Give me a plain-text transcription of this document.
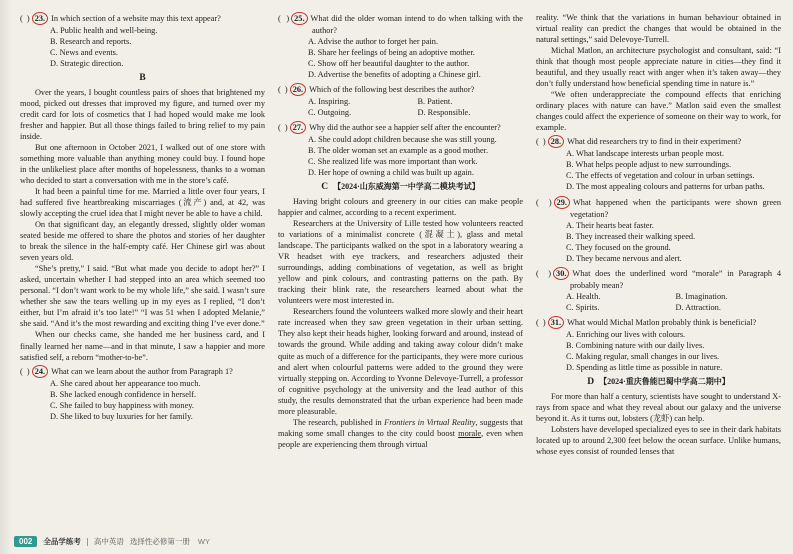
(  ) 23. In which section of a website may this text appear?
A. Public health and well-being.
B. Research and reports.
C. News and events.
D. Strategic direction.
B

Over the years, I bought countless pairs of shoes that brightened my mood, picked out dresses that improved my figure, and turned over my credit card for lots of cosmetics that I had hoped would make me look fresher and happier. But all those things failed to bring relief to my pain inside.

But one afternoon in October 2021, I walked out of one store with something more valuable than anything money could buy. I found hope in the unlikeliest place after months of hopelessness, thanks to a woman who decided to start a conversation with me in the store’s café.

It had been a painful time for me. Married a little over four years, I had suffered five heartbreaking miscarriages (流产) and, at 42, was slowly accepting the cruel idea that I might never be able to have a child.

On that significant day, an elegantly dressed, slightly older woman seated beside me offered to share the photos and stories of her daughter to break the silence in the half-empty café. Her Chinese girl was about seven years old.

“She’s pretty,” I said. “But what made you decide to adopt her?” I asked, uncertain whether I had stepped into an area which seemed too personal. “I don’t want work to be my whole life,” she said. I wasn’t sure whether she saw the tears welling up in my eyes as I replied, “I don’t either, but I’m afraid it’s too late!” “I was 51 when I adopted Melanie,” she said. “And it’s the most rewarding and exciting thing I’ve ever done.”

When our checks came, she handed me her business card, and I finally learned her name—and in that minute, I saw a happier and more satisfied self, a reborn “mother-to-be”.

(  ) 24. What can we learn about the author from Paragraph 1?
A. She cared about her appearance too much.
B. She lacked enough confidence in herself.
C. She failed to buy happiness with money.
D. She liked to buy luxuries for her family.
(  ) 25. What did the older woman intend to do when talking with the author?
A. Advise the author to forget her pain.
B. Share her feelings of being an adoptive mother.
C. Show off her beautiful daughter to the author.
D. Advertise the benefits of adopting a Chinese girl.
(  ) 26. Which of the following best describes the author?
A. Inspiring.	B. Patient.
C. Outgoing.	D. Responsible.
(  ) 27. Why did the author see a happier self after the encounter?
A. She could adopt children because she was still young.
B. The older woman set an example as a good mother.
C. She realized life was more important than work.
D. Her hope of owning a child was built up again.
C 【2024·山东威海第一中学高二模块考试】

Having bright colours and greenery in our cities can make people happier and calmer, according to a recent experiment.

Researchers at the University of Lille tested how volunteers reacted to variations of a minimalist concrete (混凝土), glass and metal landscape. The participants walked on the spot in a laboratory wearing a VR headset with eye trackers, and researchers adjusted their surroundings, adding combinations of vegetation, as well as bright yellow and pink colours, and contrasting patterns on the path. By tracking their blink rate, the researchers learned about what the volunteers were most interested in.

Researchers found the volunteers walked more slowly and their heart rate increased when they saw green vegetation in their urban setting. They also kept their heads higher, looking forward and around, instead of towards the ground. While adding and taking away colour didn’t make quite as much of a difference for the participants, they were more curious and alert when colourful patterns were added to the ground they were virtually stepping on. According to Yvonne Delevoye-Turrell, a professor of cognitive psychology at the university and the lead author of this study, the results demonstrated that the urban experience had been made more pleasurable.

The research, published in Frontiers in Virtual Reality, suggests that making some small changes to the city could boost morale, even when people are experiencing them through virtual

reality. “We think that the variations in human behaviour obtained in virtual reality can predict the changes that would be obtained in the natural settings,” said Delevoye-Turrell.

Michal Matlon, an architecture psychologist and consultant, said: “I think that though most people appreciate nature in cities—they find it beautiful, and they usually react with anger when it’s taken away—they don’t fully understand how beneficial spending time in nature is.”

“We often underappreciate the compound effects that enriching ordinary places with nature can have.” Matlon said even the smallest changes could affect the experience of someone on their way to work, for example.

(  ) 28. What did researchers try to find in their experiment?
A. What landscape interests urban people most.
B. What helps people adjust to new surroundings.
C. The effects of vegetation and colour in urban settings.
D. The most appealing colours and patterns for urban paths.
(  ) 29. What happened when the participants were shown green vegetation?
A. Their hearts beat faster.
B. They increased their walking speed.
C. They focused on the ground.
D. They became nervous and alert.
(  ) 30. What does the underlined word “morale” in Paragraph 4 probably mean?
A. Health.	B. Imagination.
C. Spirits.	D. Attraction.
(  ) 31. What would Michal Matlon probably think is beneficial?
A. Enriching our lives with colours.
B. Combining nature with our daily lives.
C. Making regular, small changes in our lives.
D. Spending as little time as possible in nature.
D 【2024·重庆鲁能巴蜀中学高二期中】

For more than half a century, scientists have sought to understand X-rays from space and what they reveal about our galaxy and the universe beyond it. As it turns out, lobsters (龙虾) can help.

Lobsters have developed specialized eyes to see in their dark habitats located up to around 2,300 feet below the ocean surface. Unlike humans, whose eyes consist of rounded lenses that

002	全品学练考 高中英语 选择性必修第一册 WY
